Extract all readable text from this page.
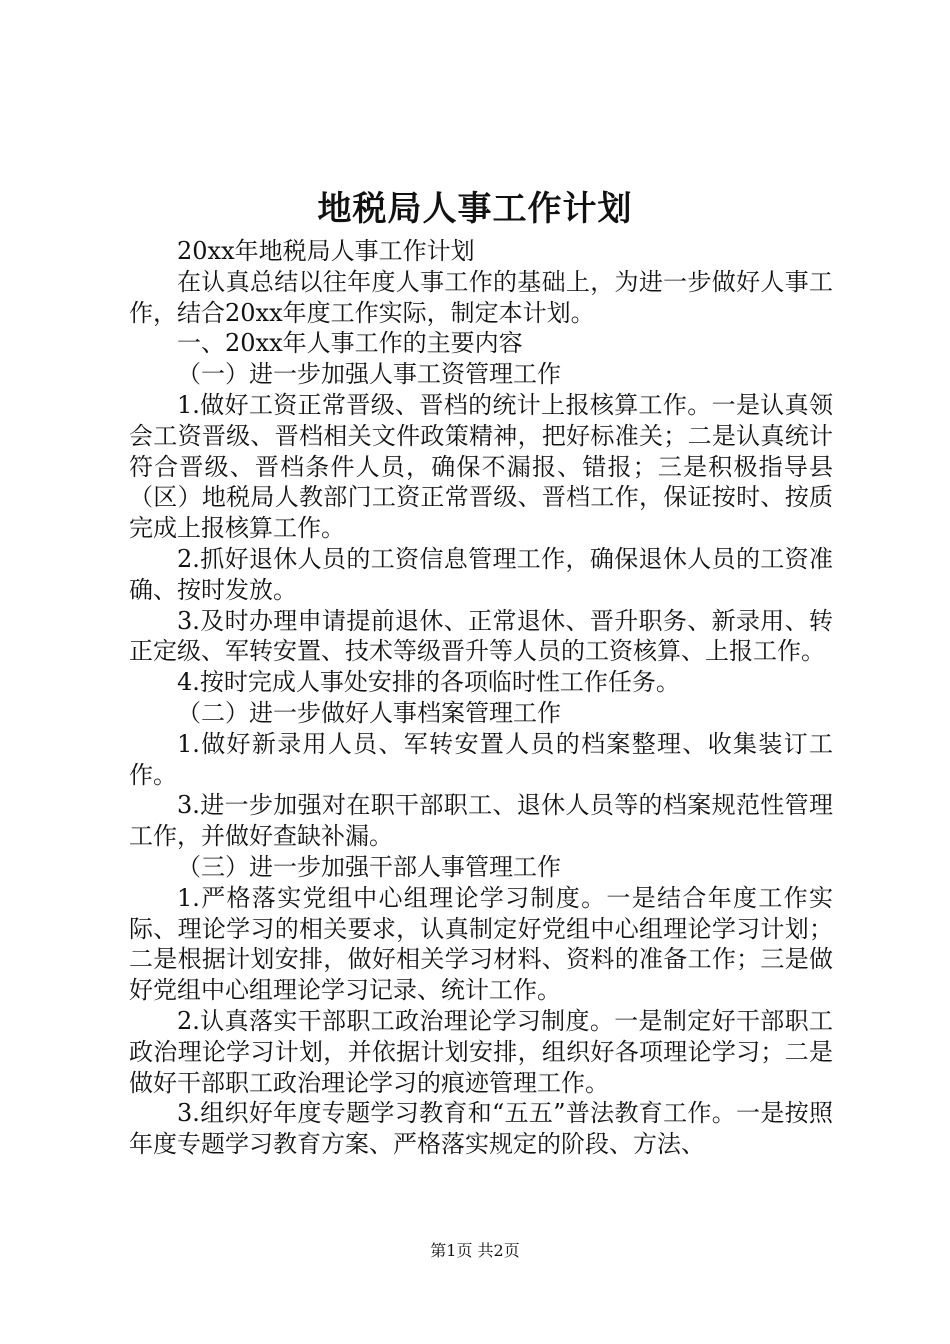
地税局人事工作计划

20xx年地税局人事工作计划

在认真总结以往年度人事工作的基础上，为进一步做好人事工作，结合20xx年度工作实际，制定本计划。

一、20xx年人事工作的主要内容

（一）进一步加强人事工资管理工作

1.做好工资正常晋级、晋档的统计上报核算工作。一是认真领会工资晋级、晋档相关文件政策精神，把好标准关；二是认真统计符合晋级、晋档条件人员，确保不漏报、错报；三是积极指导县（区）地税局人教部门工资正常晋级、晋档工作，保证按时、按质完成上报核算工作。

2.抓好退休人员的工资信息管理工作，确保退休人员的工资准确、按时发放。

3.及时办理申请提前退休、正常退休、晋升职务、新录用、转正定级、军转安置、技术等级晋升等人员的工资核算、上报工作。

4.按时完成人事处安排的各项临时性工作任务。

（二）进一步做好人事档案管理工作

1.做好新录用人员、军转安置人员的档案整理、收集装订工作。

3.进一步加强对在职干部职工、退休人员等的档案规范性管理工作，并做好查缺补漏。

（三）进一步加强干部人事管理工作

1.严格落实党组中心组理论学习制度。一是结合年度工作实际、理论学习的相关要求，认真制定好党组中心组理论学习计划；二是根据计划安排，做好相关学习材料、资料的准备工作；三是做好党组中心组理论学习记录、统计工作。

2.认真落实干部职工政治理论学习制度。一是制定好干部职工政治理论学习计划，并依据计划安排，组织好各项理论学习；二是做好干部职工政治理论学习的痕迹管理工作。

3.组织好年度专题学习教育和“五五”普法教育工作。一是按照年度专题学习教育方案、严格落实规定的阶段、方法、

第1页 共2页
